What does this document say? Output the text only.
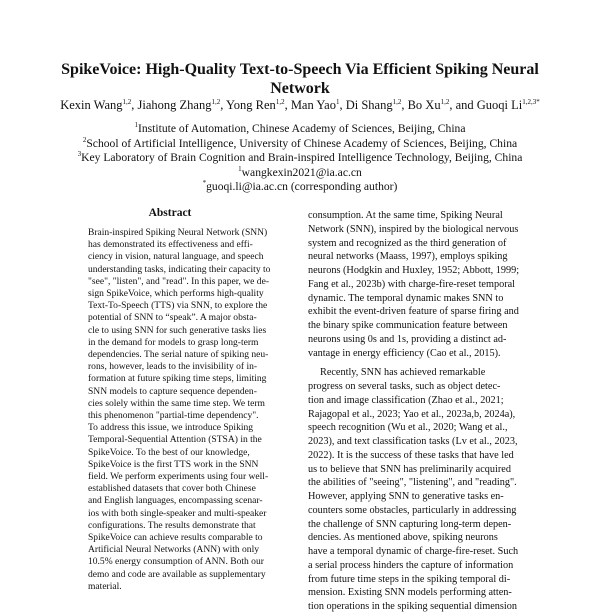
SpikeVoice: High-Quality Text-to-Speech Via Efficient Spiking Neural
Network
Kexin Wang$^{1,2}$, Jiahong Zhang$^{1,2}$, Yong Ren$^{1,2}$, Man Yao$^1$, Di Shang$^{1,2}$, Bo Xu$^{1,2}$, and Guoqi $Li^{1,2,3*}$
$^1$Institute of Automation, Chinese Academy of Sciences, Beijing, China
$^2$School of Artificial Intelligence, University of Chinese Academy of Sciences, Beijing, China
$^3$Key Laboratory of Brain Cognition and Brain-inspired Intelligence Technology, Beijing, China
$^1$wangkexin2021@ia.ac.cn
*guoqi.li@ia.ac.cn (corresponding author)
Abstract
Brain-inspired Spiking Neural Network (SNN)
has demonstrated its effectiveness and effi-
ciency in vision, natural language, and speech
understanding tasks, indicating their capacity to
"see", "listen", and "read". In this paper, we de-
sign SpikeVoice, which performs high-quality
Text-To-Speech (TTS) via SNN, to explore the
potential of SNN to “speak”. A major obsta-
cle to using SNN for such generative tasks lies
in the demand for models to grasp long-term
dependencies. The serial nature of spiking neu-
rons, however, leads to the invisibility of in-
formation at future spiking time steps, limiting
SNN models to capture sequence dependen-
cies solely within the same time step. We term
this phenomenon "partial-time dependency".
To address this issue, we introduce Spiking
Temporal-Sequential Attention (STSA) in the
SpikeVoice. To the best of our knowledge,
SpikeVoice is the first TTS work in the SNN
field. We perform experiments using four well-
established datasets that cover both Chinese
and English languages, encompassing scenar-
ios with both single-speaker and multi-speaker
configurations. The results demonstrate that
SpikeVoice can achieve results comparable to
Artificial Neural Networks (ANN) with only
10.5% energy consumption of ANN. Both our
demo and code are available as supplementary
material.
consumption. At the same time, Spiking Neural
Network (SNN), inspired by the biological nervous
system and recognized as the third generation of
neural networks (Maass, 1997), employs spiking
neurons (Hodgkin and Huxley, 1952; Abbott, 1999;
Fang et al., 2023b) with charge-fire-reset temporal
dynamic. The temporal dynamic makes SNN to
exhibit the event-driven feature of sparse firing and
the binary spike communication feature between
neurons using 0s and 1s, providing a distinct ad-
vantage in energy efficiency (Cao et al., 2015).
Recently, SNN has achieved remarkable
progress on several tasks, such as object detec-
tion and image classification (Zhao et al., 2021;
Rajagopal et al., 2023; Yao et al., 2023a,b, 2024a),
speech recognition (Wu et al., 2020; Wang et al.,
2023), and text classification tasks (Lv et al., 2023,
2022). It is the success of these tasks that have led
us to believe that SNN has preliminarily acquired
the abilities of "seeing", "listening", and "reading".
However, applying SNN to generative tasks en-
counters some obstacles, particularly in addressing
the challenge of SNN capturing long-term depen-
dencies. As mentioned above, spiking neurons
have a temporal dynamic of charge-fire-reset. Such
a serial process hinders the capture of information
from future time steps in the spiking temporal di-
mension. Existing SNN models performing atten-
tion operations in the spiking sequential dimension
